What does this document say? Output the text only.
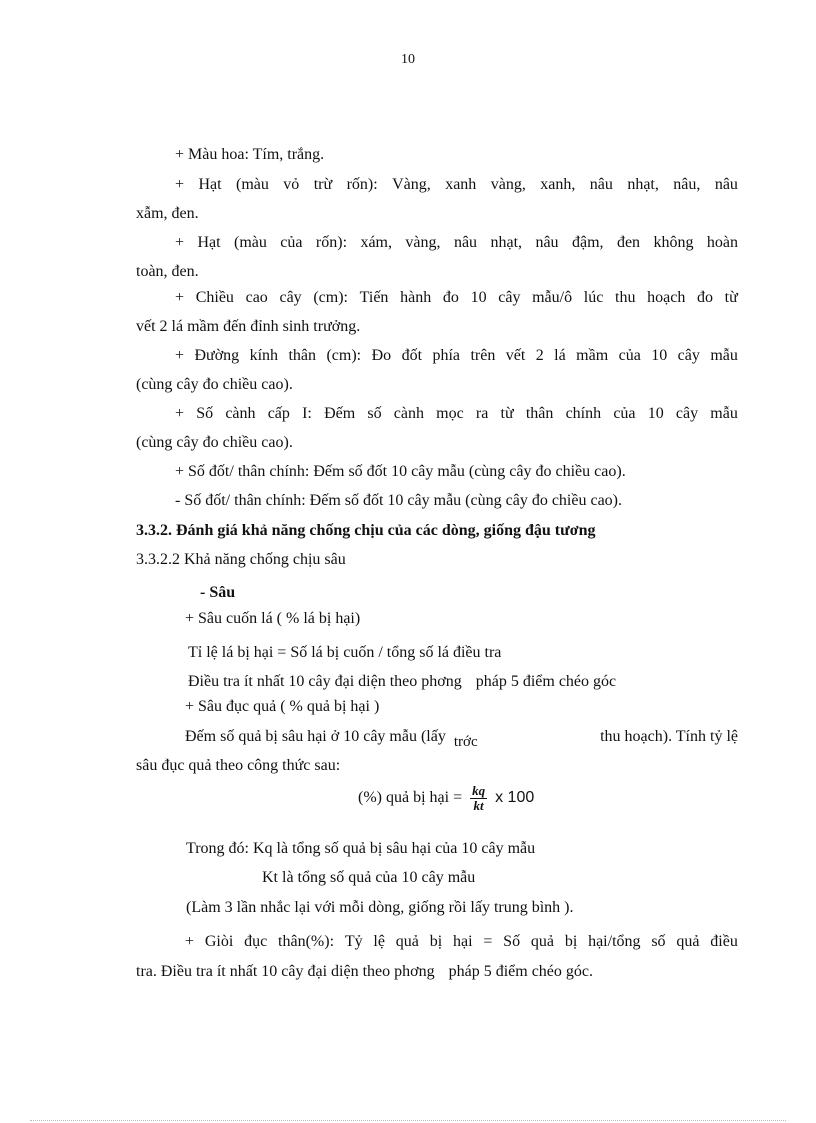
10
+ Màu hoa: Tím, trắng.
+ Hạt (màu vỏ trừ rốn): Vàng, xanh vàng, xanh, nâu nhạt, nâu, nâu
xẫm, đen.
+ Hạt (màu của rốn): xám, vàng, nâu nhạt, nâu đậm, đen không hoàn
toàn, đen.
+ Chiều cao cây (cm): Tiến hành đo 10 cây mẫu/ô lúc thu hoạch đo từ
vết 2 lá mầm đến đỉnh sinh trưởng.
+ Đường kính thân (cm): Đo đốt phía trên vết 2 lá mầm của 10 cây mẫu
(cùng cây đo chiều cao).
+ Số cành cấp I: Đếm số cành mọc ra từ thân chính của 10 cây mẫu
(cùng cây đo chiều cao).
+ Số đốt/ thân chính: Đếm số đốt 10 cây mẫu (cùng cây đo chiều cao).
- Số đốt/ thân chính: Đếm số đốt 10 cây mẫu (cùng cây đo chiều cao).
3.3.2. Đánh giá khả năng chống chịu của các dòng, giống đậu tương
3.3.2.2 Khả năng chống chịu sâu
- Sâu
+ Sâu cuốn lá ( % lá bị hại)
Tỉ lệ lá bị hại = Số lá bị cuốn / tổng số lá điều tra
Điều tra ít nhất 10 cây đại diện theo phơng pháp 5 điểm chéo góc
+ Sâu đục quả ( % quả bị hại )
Đếm số quả bị sâu hại ở 10 cây mẫu (lấy trớc	thu hoạch). Tính tỷ lệ
sâu đục quả theo công thức sau:
(%) quả bị hại = $\frac{kq}{kt}$ x 100
Trong đó: Kq là tổng số quả bị sâu hại của 10 cây mẫu
Kt là tổng số quả của 10 cây mẫu
(Làm 3 lần nhắc lại với mỗi dòng, giống rồi lấy trung bình ).
+ Giòi đục thân(%): Tỷ lệ quả bị hại = Số quả bị hại/tổng số quả điều
tra. Điều tra ít nhất 10 cây đại diện theo phơng pháp 5 điểm chéo góc.
